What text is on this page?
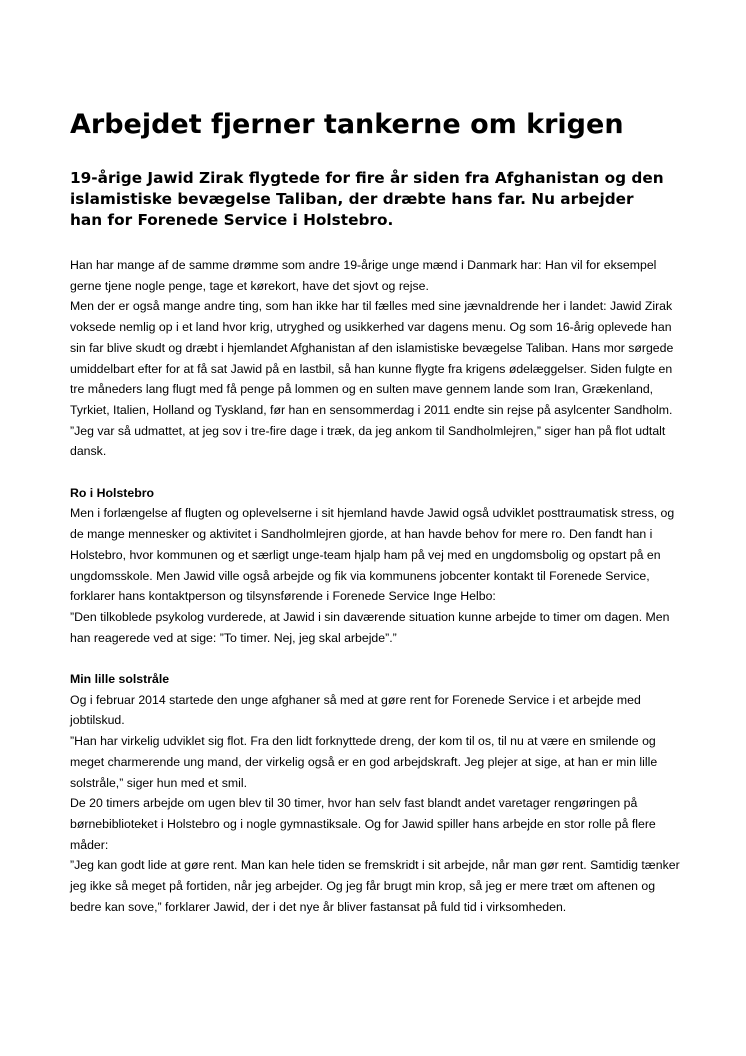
Arbejdet fjerner tankerne om krigen

19-årige Jawid Zirak flygtede for fire år siden fra Afghanistan og den islamistiske bevægelse Taliban, der dræbte hans far. Nu arbejder han for Forenede Service i Holstebro.

Han har mange af de samme drømme som andre 19-årige unge mænd i Danmark har: Han vil for eksempel gerne tjene nogle penge, tage et kørekort, have det sjovt og rejse.

Men der er også mange andre ting, som han ikke har til fælles med sine jævnaldrende her i landet: Jawid Zirak voksede nemlig op i et land hvor krig, utryghed og usikkerhed var dagens menu. Og som 16-årig oplevede han sin far blive skudt og dræbt i hjemlandet Afghanistan af den islamistiske bevægelse Taliban. Hans mor sørgede umiddelbart efter for at få sat Jawid på en lastbil, så han kunne flygte fra krigens ødelæggelser. Siden fulgte en tre måneders lang flugt med få penge på lommen og en sulten mave gennem lande som Iran, Grækenland, Tyrkiet, Italien, Holland og Tyskland, før han en sensommerdag i 2011 endte sin rejse på asylcenter Sandholm.

”Jeg var så udmattet, at jeg sov i tre-fire dage i træk, da jeg ankom til Sandholmlejren,” siger han på flot udtalt dansk.

Ro i Holstebro

Men i forlængelse af flugten og oplevelserne i sit hjemland havde Jawid også udviklet posttraumatisk stress, og de mange mennesker og aktivitet i Sandholmlejren gjorde, at han havde behov for mere ro. Den fandt han i Holstebro, hvor kommunen og et særligt unge-team hjalp ham på vej med en ungdomsbolig og opstart på en ungdomsskole. Men Jawid ville også arbejde og fik via kommunens jobcenter kontakt til Forenede Service, forklarer hans kontaktperson og tilsynsførende i Forenede Service Inge Helbo:

”Den tilkoblede psykolog vurderede, at Jawid i sin daværende situation kunne arbejde to timer om dagen. Men han reagerede ved at sige: ”To timer. Nej, jeg skal arbejde”.”

Min lille solstråle

Og i februar 2014 startede den unge afghaner så med at gøre rent for Forenede Service i et arbejde med jobtilskud.

”Han har virkelig udviklet sig flot. Fra den lidt forknyttede dreng, der kom til os, til nu at være en smilende og meget charmerende ung mand, der virkelig også er en god arbejdskraft. Jeg plejer at sige, at han er min lille solstråle,” siger hun med et smil.

De 20 timers arbejde om ugen blev til 30 timer, hvor han selv fast blandt andet varetager rengøringen på børnebiblioteket i Holstebro og i nogle gymnastiksale. Og for Jawid spiller hans arbejde en stor rolle på flere måder:

”Jeg kan godt lide at gøre rent. Man kan hele tiden se fremskridt i sit arbejde, når man gør rent. Samtidig tænker jeg ikke så meget på fortiden, når jeg arbejder. Og jeg får brugt min krop, så jeg er mere træt om aftenen og bedre kan sove,” forklarer Jawid, der i det nye år bliver fastansat på fuld tid i virksomheden.
